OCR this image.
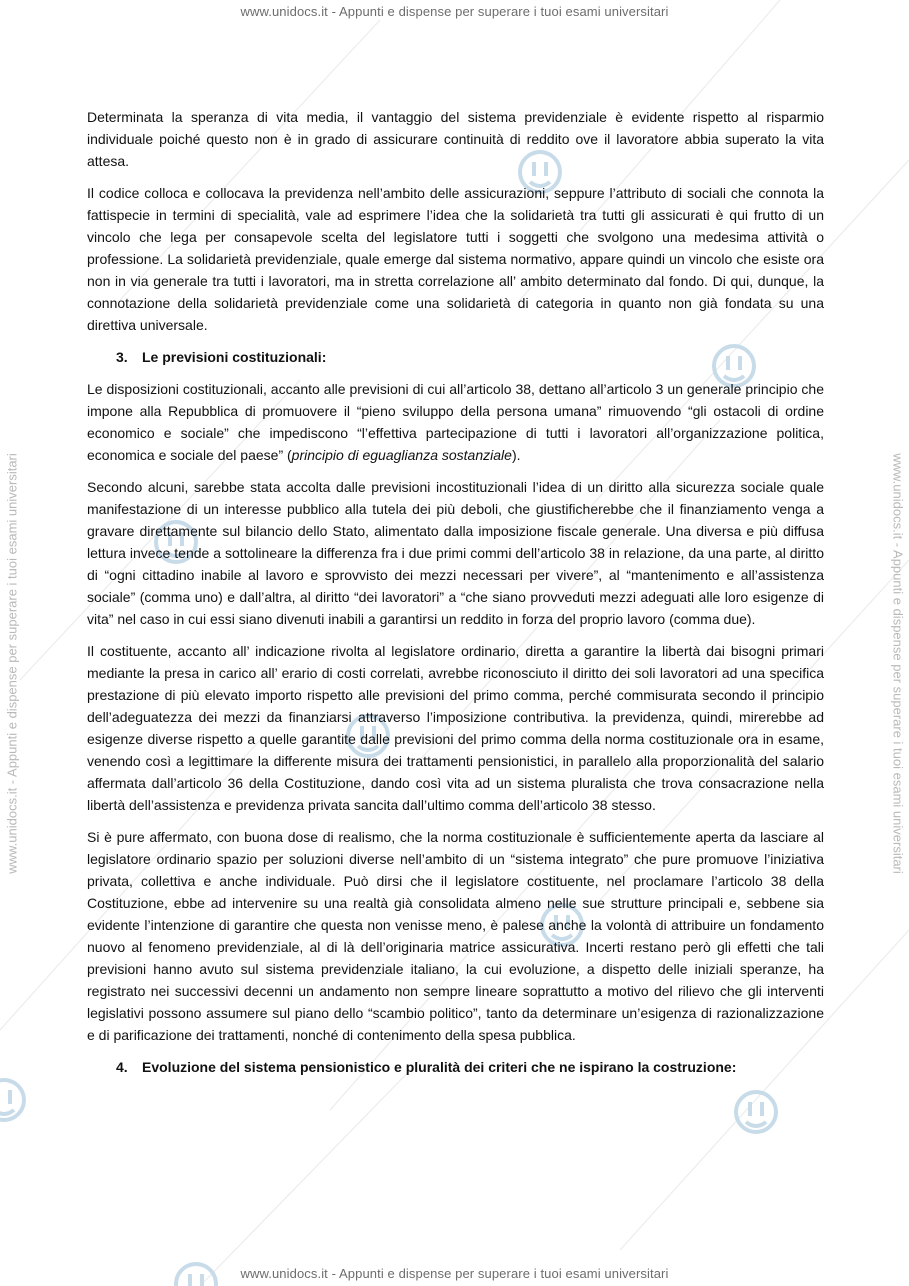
www.unidocs.it - Appunti e dispense per superare i tuoi esami universitari
www.unidocs.it - Appunti e dispense per superare i tuoi esami universitari
www.unidocs.it - Appunti e dispense per superare i tuoi esami universitari	www.unidocs.it - Appunti e dispense per superare i tuoi esami universitari

Determinata la speranza di vita media, il vantaggio del sistema previdenziale è evidente rispetto al risparmio individuale poiché questo non è in grado di assicurare continuità di reddito ove il lavoratore abbia superato la vita attesa.

Il codice colloca e collocava la previdenza nell’ambito delle assicurazioni, seppure l’attributo di sociali che connota la fattispecie in termini di specialità, vale ad esprimere l’idea che la solidarietà tra tutti gli assicurati è qui frutto di un vincolo che lega per consapevole scelta del legislatore tutti i soggetti che svolgono una medesima attività o professione. La solidarietà previdenziale, quale emerge dal sistema normativo, appare quindi un vincolo che esiste ora non in via generale tra tutti i lavoratori, ma in stretta correlazione all’ ambito determinato dal fondo. Di qui, dunque, la connotazione della solidarietà previdenziale come una solidarietà di categoria in quanto non già fondata su una direttiva universale.

3. Le previsioni costituzionali:

Le disposizioni costituzionali, accanto alle previsioni di cui all’articolo 38, dettano all’articolo 3 un generale principio che impone alla Repubblica di promuovere il “pieno sviluppo della persona umana” rimuovendo “gli ostacoli di ordine economico e sociale” che impediscono “l’effettiva partecipazione di tutti i lavoratori all’organizzazione politica, economica e sociale del paese” (principio di eguaglianza sostanziale).

Secondo alcuni, sarebbe stata accolta dalle previsioni incostituzionali l’idea di un diritto alla sicurezza sociale quale manifestazione di un interesse pubblico alla tutela dei più deboli, che giustificherebbe che il finanziamento venga a gravare direttamente sul bilancio dello Stato, alimentato dalla imposizione fiscale generale. Una diversa e più diffusa lettura invece tende a sottolineare la differenza fra i due primi commi dell’articolo 38 in relazione, da una parte, al diritto di “ogni cittadino inabile al lavoro e sprovvisto dei mezzi necessari per vivere”, al “mantenimento e all’assistenza sociale” (comma uno) e dall’altra, al diritto “dei lavoratori” a “che siano provveduti mezzi adeguati alle loro esigenze di vita” nel caso in cui essi siano divenuti inabili a garantirsi un reddito in forza del proprio lavoro (comma due).

Il costituente, accanto all’ indicazione rivolta al legislatore ordinario, diretta a garantire la libertà dai bisogni primari mediante la presa in carico all’ erario di costi correlati, avrebbe riconosciuto il diritto dei soli lavoratori ad una specifica prestazione di più elevato importo rispetto alle previsioni del primo comma, perché commisurata secondo il principio dell’adeguatezza dei mezzi da finanziarsi attraverso l’imposizione contributiva. la previdenza, quindi, mirerebbe ad esigenze diverse rispetto a quelle garantite dalle previsioni del primo comma della norma costituzionale ora in esame, venendo così a legittimare la differente misura dei trattamenti pensionistici, in parallelo alla proporzionalità del salario affermata dall’articolo 36 della Costituzione, dando così vita ad un sistema pluralista che trova consacrazione nella libertà dell’assistenza e previdenza privata sancita dall’ultimo comma dell’articolo 38 stesso.

Si è pure affermato, con buona dose di realismo, che la norma costituzionale è sufficientemente aperta da lasciare al legislatore ordinario spazio per soluzioni diverse nell’ambito di un “sistema integrato” che pure promuove l’iniziativa privata, collettiva e anche individuale. Può dirsi che il legislatore costituente, nel proclamare l’articolo 38 della Costituzione, ebbe ad intervenire su una realtà già consolidata almeno nelle sue strutture principali e, sebbene sia evidente l’intenzione di garantire che questa non venisse meno, è palese anche la volontà di attribuire un fondamento nuovo al fenomeno previdenziale, al di là dell’originaria matrice assicurativa. Incerti restano però gli effetti che tali previsioni hanno avuto sul sistema previdenziale italiano, la cui evoluzione, a dispetto delle iniziali speranze, ha registrato nei successivi decenni un andamento non sempre lineare soprattutto a motivo del rilievo che gli interventi legislativi possono assumere sul piano dello “scambio politico”, tanto da determinare un’esigenza di razionalizzazione e di parificazione dei trattamenti, nonché di contenimento della spesa pubblica.

4. Evoluzione del sistema pensionistico e pluralità dei criteri che ne ispirano la costruzione:
